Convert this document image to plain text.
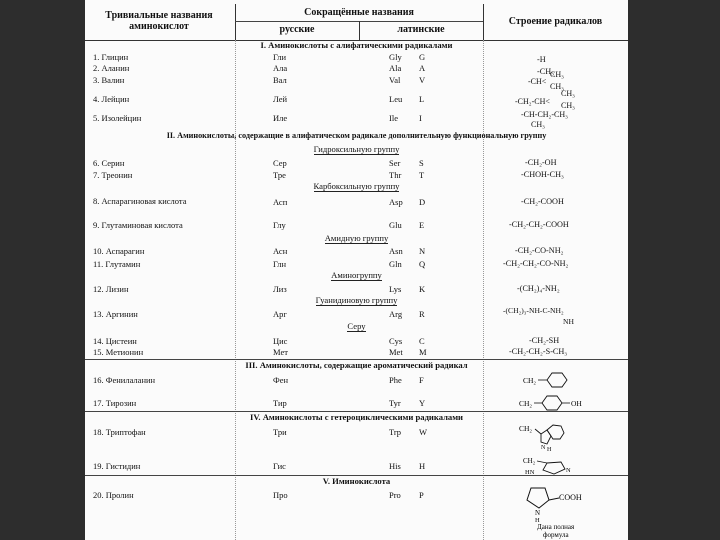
Тривиальные названия
аминокислот
Сокращённые названия
русские	латинские
Строение радикалов
I. Аминокислоты с алифатическими радикалами
1. Глицин	Гли	Gly G	-H
2. Аланин	Ала	Ala A	-CH₃
3. Валин	Вал	Val V	-CH<
CH₃
CH₃
4. Лейцин	Лей	Leu L	-CH₂-CH<
CH₃
CH₃
5. Изолейцин	Иле	Ile I	-CH-CH₂-CH₃
CH₃
II. Аминокислоты, содержащие в алифатическом радикале дополнительную функциональную группу
Гидроксильную группу
6. Серин	Сер	Ser S	-CH₂-OH
7. Треонин	Тре	Thr T	-CHOH-CH₃
Карбоксильную группу
8. Аспарагиновая кислота	Асп	Asp D	-CH₂-COOH
9. Глутаминовая кислота	Глу	Glu E	-CH₂-CH₂-COOH
Амидную группу
10. Аспарагин	Асн	Asn N	-CH₂-CO-NH₂
11. Глутамин	Глн	Gln Q	-CH₂-CH₂-CO-NH₂
Аминогруппу
12. Лизин	Лиз	Lys K	-(CH₂)₄-NH₂
Гуанидиновую группу
13. Аргинин	Арг	Arg R	-(CH₂)₃-NH-C-NH₂
NH
Серу
14. Цистеин	Цис	Cys C	-CH₂-SH
15. Метионин	Мет	Met M	-CH₂-CH₂-S-CH₃
III. Аминокислоты, содержащие ароматический радикал
16. Фенилаланин	Фен	Phe F	CH₂
17. Тирозин	Тир	Tyr Y	CH₂	OH
IV. Аминокислоты с гетероциклическими радикалами
18. Триптофан	Три	Trp W	CH₂
N H
19. Гистидин	Гис	His H	CH₂
HN	N
V. Иминокислота
20. Пролин	Про	Pro P	COOH
N
H
Дана полная
формула
